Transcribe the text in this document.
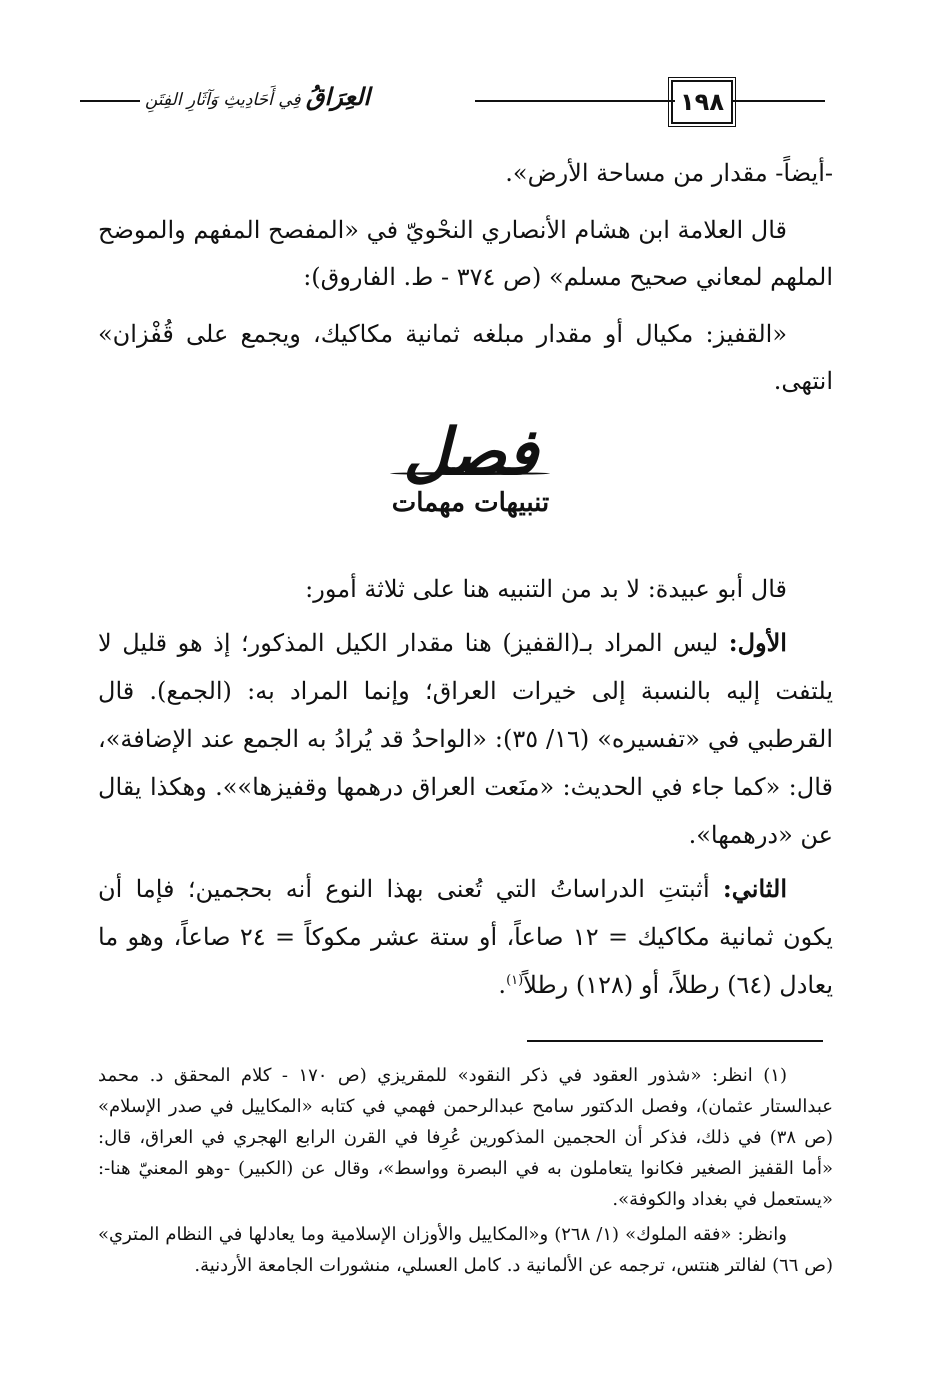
١٩٨
العِرَاقُ فِي أَحَادِيثِ وَآثَارِ الفِتَنِ

-أيضاً- مقدار من مساحة الأرض».

قال العلامة ابن هشام الأنصاري النحْويّ في «المفصح المفهم والموضح الملهم لمعاني صحيح مسلم» (ص ٣٧٤ - ط. الفاروق):

«القفيز: مكيال أو مقدار مبلغه ثمانية مكاكيك، ويجمع على قُفْزان» انتهى.

فصل
تنبيهات مهمات

قال أبو عبيدة: لا بد من التنبيه هنا على ثلاثة أمور:

الأول: ليس المراد بـ(القفيز) هنا مقدار الكيل المذكور؛ إذ هو قليل لا يلتفت إليه بالنسبة إلى خيرات العراق؛ وإنما المراد به: (الجمع). قال القرطبي في «تفسيره» (١٦/ ٣٥): «الواحدُ قد يُرادُ به الجمع عند الإضافة»، قال: «كما جاء في الحديث: «منَعت العراق درهمها وقفيزها»». وهكذا يقال عن «درهمها».

الثاني: أثبتتِ الدراساتُ التي تُعنى بهذا النوع أنه بحجمين؛ فإما أن يكون ثمانية مكاكيك = ١٢ صاعاً، أو ستة عشر مكوكاً = ٢٤ صاعاً، وهو ما يعادل (٦٤) رطلاً، أو (١٢٨) رطلاً$^{(١)}$.

(١) انظر: «شذور العقود في ذكر النقود» للمقريزي (ص ١٧٠ - كلام المحقق د. محمد عبدالستار عثمان)، وفصل الدكتور سامح عبدالرحمن فهمي في كتابه «المكاييل في صدر الإسلام» (ص ٣٨) في ذلك، فذكر أن الحجمين المذكورين عُرِفا في القرن الرابع الهجري في العراق، قال: «أما القفيز الصغير فكانوا يتعاملون به في البصرة وواسط»، وقال عن (الكبير) -وهو المعنيّ هنا-: «يستعمل في بغداد والكوفة».

وانظر: «فقه الملوك» (١/ ٢٦٨) و«المكاييل والأوزان الإسلامية وما يعادلها في النظام المتري» (ص ٦٦) لفالتر هنتس، ترجمه عن الألمانية د. كامل العسلي، منشورات الجامعة الأردنية.
